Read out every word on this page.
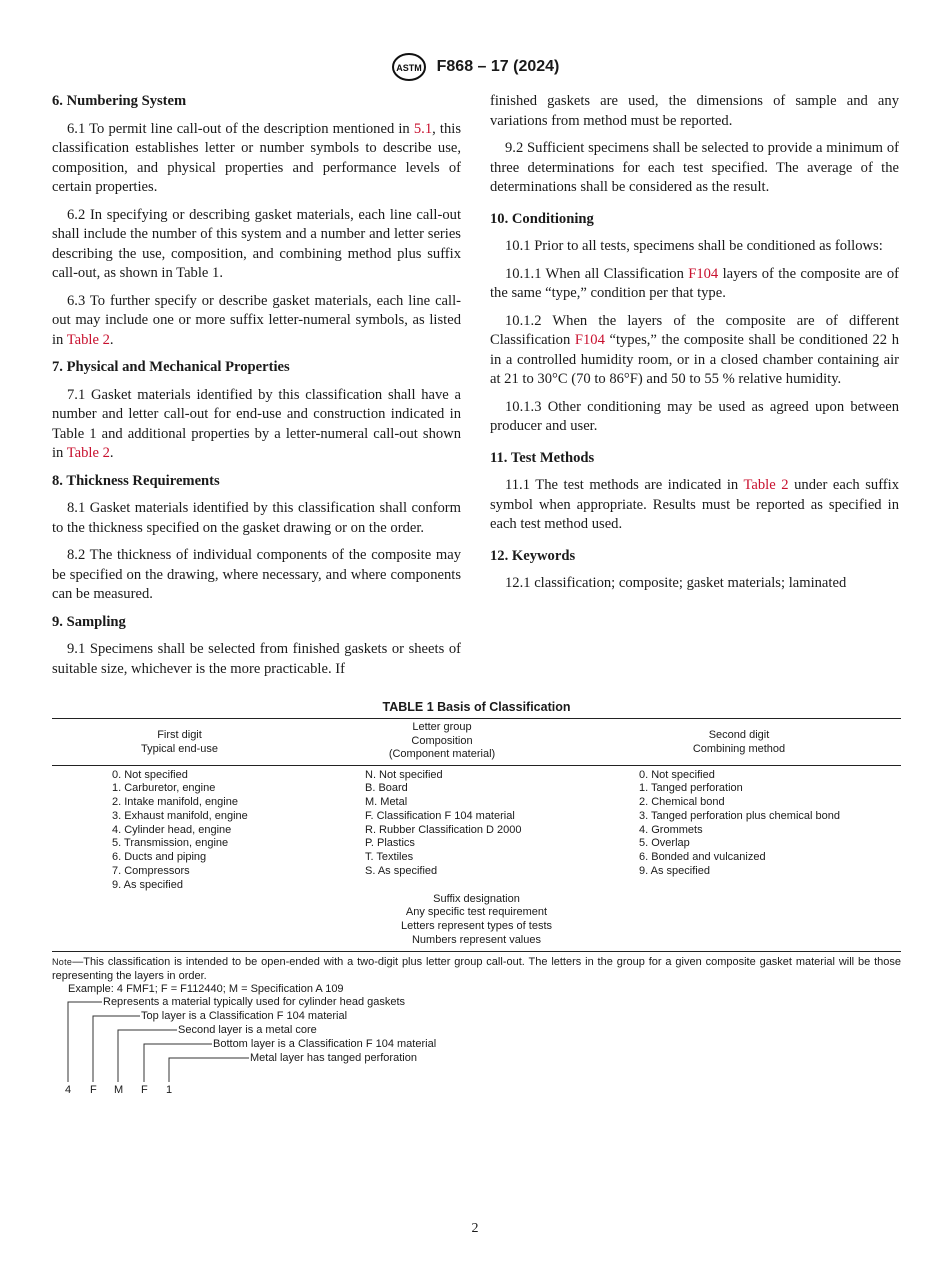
ASTM F868 – 17 (2024)
6. Numbering System

6.1 To permit line call-out of the description mentioned in 5.1, this classification establishes letter or number symbols to describe use, composition, and physical properties and performance levels of certain properties.

6.2 In specifying or describing gasket materials, each line call-out shall include the number of this system and a number and letter series describing the use, composition, and combining method plus suffix call-out, as shown in Table 1.

6.3 To further specify or describe gasket materials, each line call-out may include one or more suffix letter-numeral symbols, as listed in Table 2.

7. Physical and Mechanical Properties

7.1 Gasket materials identified by this classification shall have a number and letter call-out for end-use and construction indicated in Table 1 and additional properties by a letter-numeral call-out shown in Table 2.

8. Thickness Requirements

8.1 Gasket materials identified by this classification shall conform to the thickness specified on the gasket drawing or on the order.

8.2 The thickness of individual components of the composite may be specified on the drawing, where necessary, and where components can be measured.

9. Sampling

9.1 Specimens shall be selected from finished gaskets or sheets of suitable size, whichever is the more practicable. If

finished gaskets are used, the dimensions of sample and any variations from method must be reported.

9.2 Sufficient specimens shall be selected to provide a minimum of three determinations for each test specified. The average of the determinations shall be considered as the result.

10. Conditioning

10.1 Prior to all tests, specimens shall be conditioned as follows:

10.1.1 When all Classification F104 layers of the composite are of the same “type,” condition per that type.

10.1.2 When the layers of the composite are of different Classification F104 “types,” the composite shall be conditioned 22 h in a controlled humidity room, or in a closed chamber containing air at 21 to 30°C (70 to 86°F) and 50 to 55 % relative humidity.

10.1.3 Other conditioning may be used as agreed upon between producer and user.

11. Test Methods

11.1 The test methods are indicated in Table 2 under each suffix symbol when appropriate. Results must be reported as specified in each test method used.

12. Keywords

12.1 classification; composite; gasket materials; laminated

TABLE 1 Basis of Classification
First digit
Typical end-use
Letter group
Composition
(Component material)
Second digit
Combining method
0. Not specified
1. Carburetor, engine
2. Intake manifold, engine
3. Exhaust manifold, engine
4. Cylinder head, engine
5. Transmission, engine
6. Ducts and piping
7. Compressors
9. As specified
N. Not specified
B. Board
M. Metal
F. Classification F 104 material
R. Rubber Classification D 2000
P. Plastics
T. Textiles
S. As specified
0. Not specified
1. Tanged perforation
2. Chemical bond
3. Tanged perforation plus chemical bond
4. Grommets
5. Overlap
6. Bonded and vulcanized
9. As specified
Suffix designation
Any specific test requirement
Letters represent types of tests
Numbers represent values
Note—This classification is intended to be open-ended with a two-digit plus letter group call-out. The letters in the group for a given composite gasket material will be those representing the layers in order.
Example: 4 FMF1; F = F112440; M = Specification A 109
Represents a material typically used for cylinder head gaskets
Top layer is a Classification F 104 material
Second layer is a metal core
Bottom layer is a Classification F 104 material
Metal layer has tanged perforation
4 F M F 1
2
